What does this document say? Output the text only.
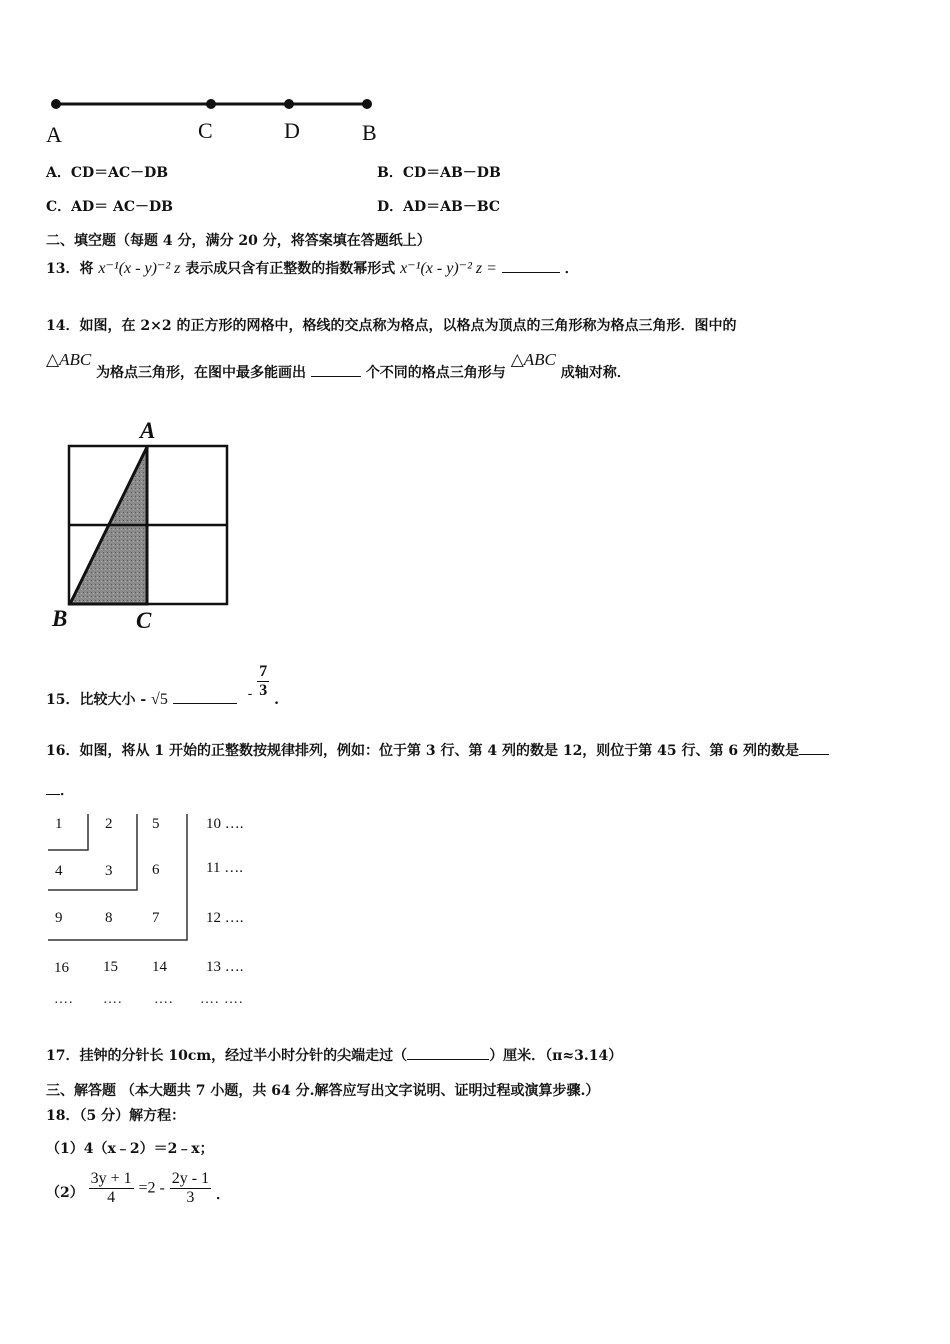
A	C	D	B
A．CD＝AC－DB	B．CD＝AB－DB
C．AD＝ AC－DB	D．AD＝AB－BC
二、填空题（每题 4 分，满分 20 分，将答案填在答题纸上）
13．将 x⁻¹(x - y)⁻² z 表示成只含有正整数的指数幂形式 x⁻¹(x - y)⁻² z =	．
14．如图，在 2×2 的正方形的网格中，格线的交点称为格点，以格点为顶点的三角形称为格点三角形．图中的
△ABC 为格点三角形，在图中最多能画出	个不同的格点三角形与 △ABC 成轴对称．
A
B	C
15．比较大小 - √5	- $\frac{7}{3}$ .
16．如图，将从 1 开始的正整数按规律排列，例如：位于第 3 行、第 4 列的数是 12，则位于第 45 行、第 6 列的数是
．
1	2	5	10 ….
4	3	6	11 ….
9	8	7	12 ….
16 15 14	13 ….
…. …. …. …. ….
17．挂钟的分针长 10cm，经过半小时分针的尖端走过（	）厘米．（π≈3.14）
三、解答题 （本大题共 7 小题，共 64 分.解答应写出文字说明、证明过程或演算步骤.）
18．（5 分）解方程：
（1）4（x﹣2）＝2﹣x；
$(2) \frac{3y + 1}{4} =2 - \frac{2y - 1}{3}$ ．
